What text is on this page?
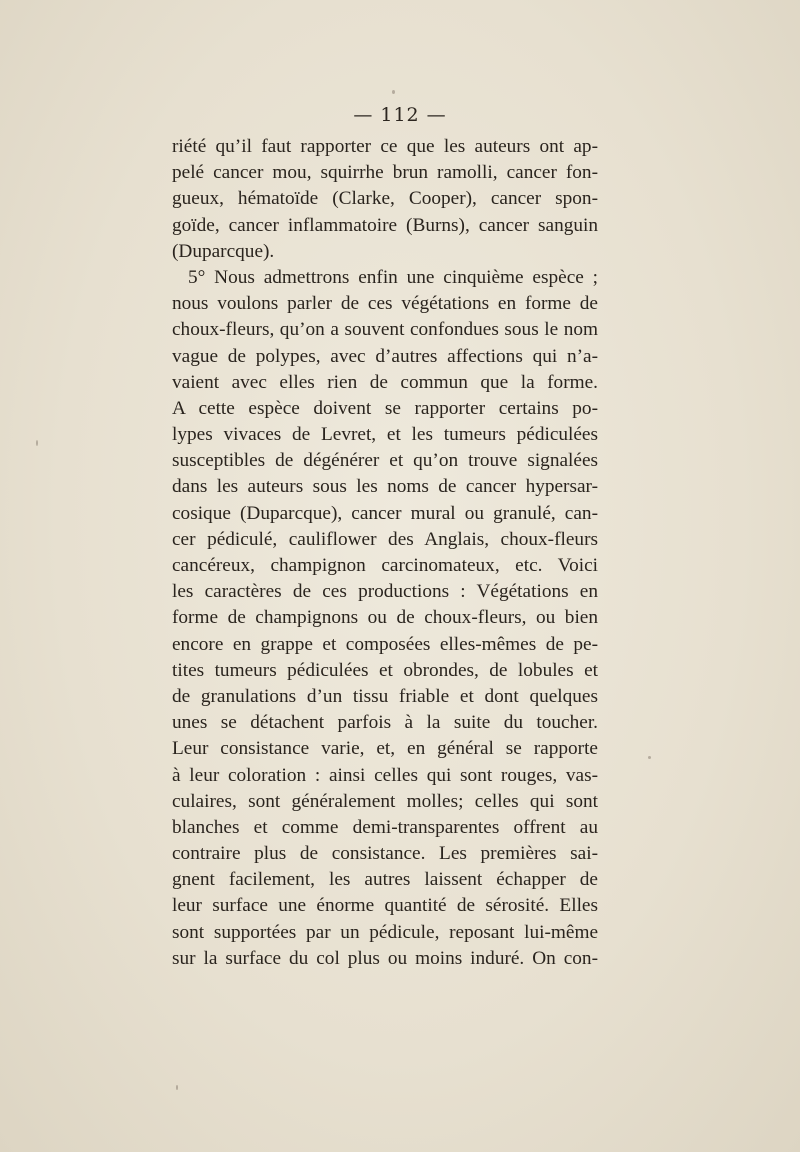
— 112 —
riété qu’il faut rapporter ce que les auteurs ont ap-
pelé cancer mou, squirrhe brun ramolli, cancer fon-
gueux, hématoïde (Clarke, Cooper), cancer spon-
goïde, cancer inflammatoire (Burns), cancer sanguin
(Duparcque).
5° Nous admettrons enfin une cinquième espèce ;
nous voulons parler de ces végétations en forme de
choux-fleurs, qu’on a souvent confondues sous le nom
vague de polypes, avec d’autres affections qui n’a-
vaient avec elles rien de commun que la forme.
A cette espèce doivent se rapporter certains po-
lypes vivaces de Levret, et les tumeurs pédiculées
susceptibles de dégénérer et qu’on trouve signalées
dans les auteurs sous les noms de cancer hypersar-
cosique (Duparcque), cancer mural ou granulé, can-
cer pédiculé, cauliflower des Anglais, choux-fleurs
cancéreux, champignon carcinomateux, etc. Voici
les caractères de ces productions : Végétations en
forme de champignons ou de choux-fleurs, ou bien
encore en grappe et composées elles-mêmes de pe-
tites tumeurs pédiculées et obrondes, de lobules et
de granulations d’un tissu friable et dont quelques
unes se détachent parfois à la suite du toucher.
Leur consistance varie, et, en général se rapporte
à leur coloration : ainsi celles qui sont rouges, vas-
culaires, sont généralement molles; celles qui sont
blanches et comme demi-transparentes offrent au
contraire plus de consistance. Les premières sai-
gnent facilement, les autres laissent échapper de
leur surface une énorme quantité de sérosité. Elles
sont supportées par un pédicule, reposant lui-même
sur la surface du col plus ou moins induré. On con-
